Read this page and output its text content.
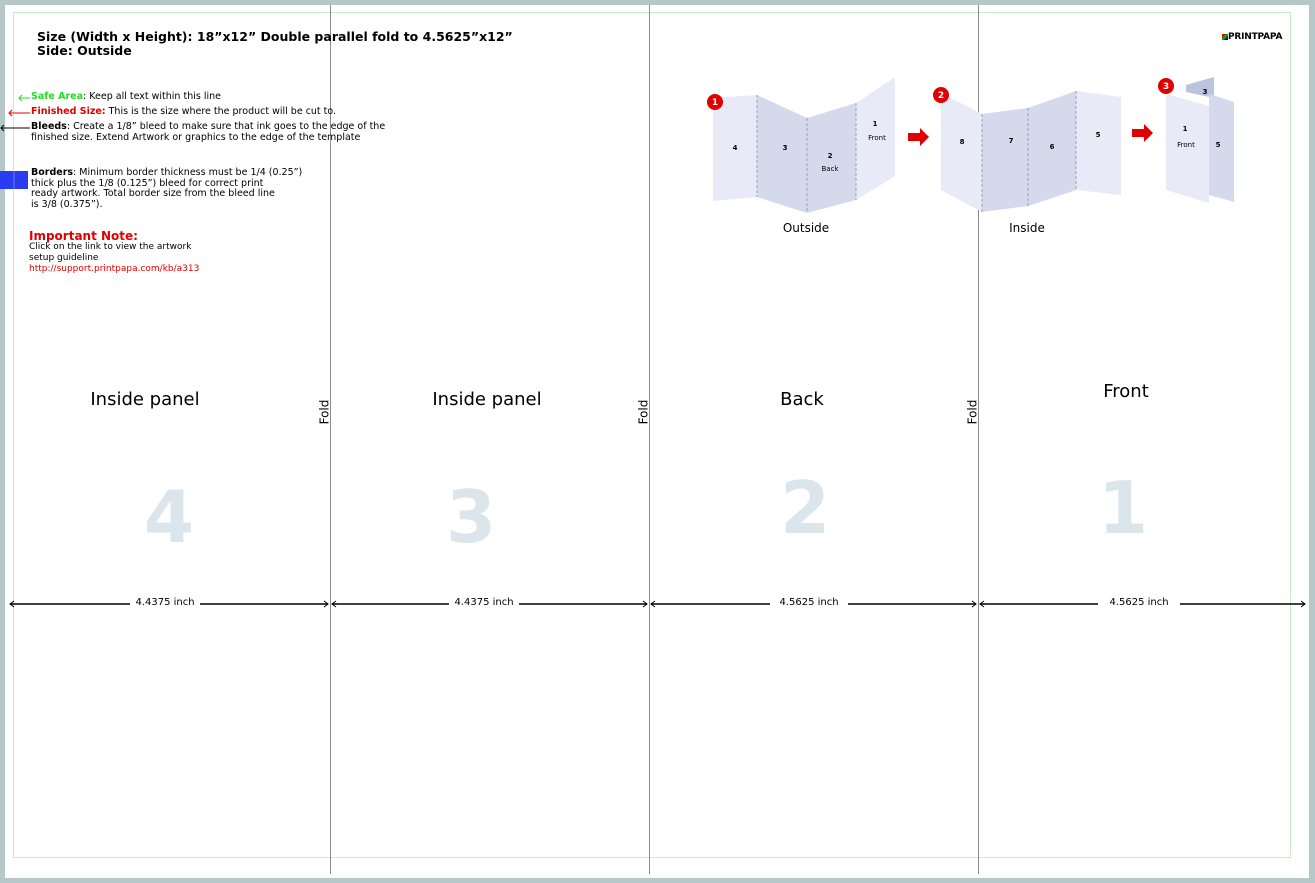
Fold	Fold	Fold
Size (Width x Height): 18”x12” Double parallel fold to 4.5625”x12”
Side: Outside
Safe Area: Keep all text within this line
Finished Size: This is the size where the product will be cut to.
Bleeds: Create a 1/8” bleed to make sure that ink goes to the edge of the
finished size. Extend Artwork or graphics to the edge of the template
Borders: Minimum border thickness must be 1/4 (0.25”)
thick plus the 1/8 (0.125”) bleed for correct print
ready artwork. Total border size from the bleed line
is 3/8 (0.375”).
Important Note:
Click on the link to view the artwork
setup guideline
http://support.printpapa.com/kb/a313
PRINTPAPA
4	3
2
Back
1
Front
1
Outside
8	7
6
5
2
Inside
3
1
Front	5
3
Inside panel	Inside panel	Back	Front
4	3	2	1
4.4375 inch	4.4375 inch	4.5625 inch	4.5625 inch
